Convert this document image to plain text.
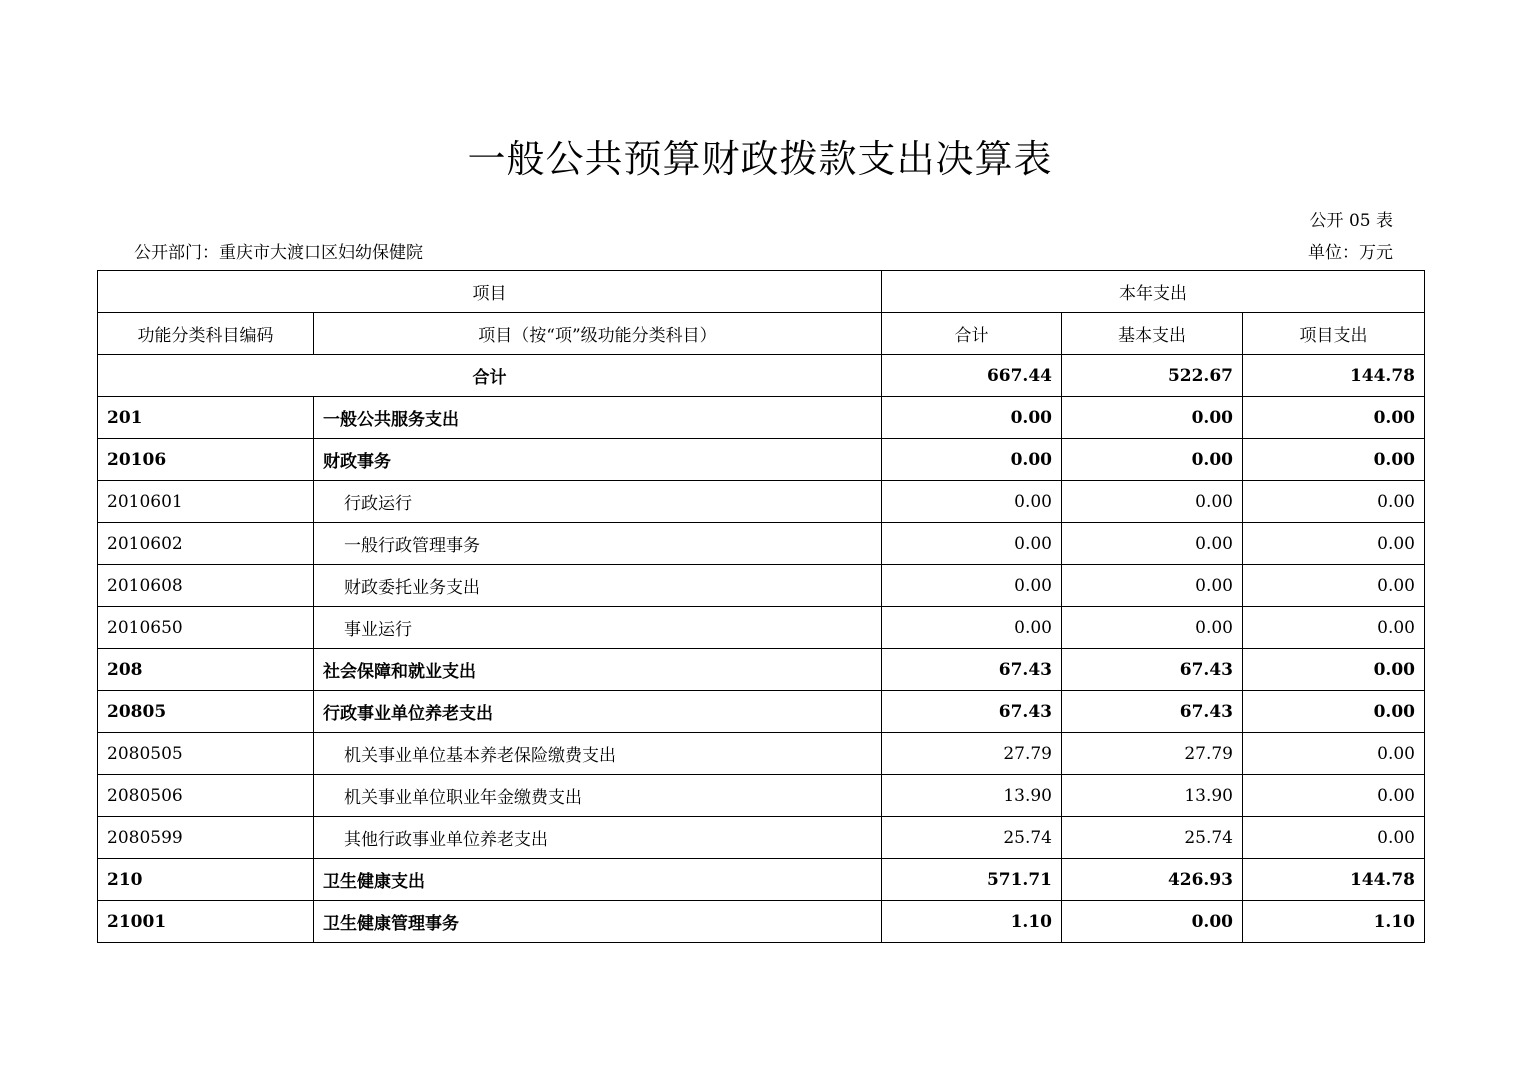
一般公共预算财政拨款支出决算表
公开 05 表
公开部门：重庆市大渡口区妇幼保健院	单位：万元
项目		本年支出		
功能分类科目编码	项目（按“项”级功能分类科目）	合计	基本支出	项目支出
合计		667.44	522.67	144.78
201	一般公共服务支出	0.00	0.00	0.00
20106	财政事务	0.00	0.00	0.00
2010601	行政运行	0.00	0.00	0.00
2010602	一般行政管理事务	0.00	0.00	0.00
2010608	财政委托业务支出	0.00	0.00	0.00
2010650	事业运行	0.00	0.00	0.00
208	社会保障和就业支出	67.43	67.43	0.00
20805	行政事业单位养老支出	67.43	67.43	0.00
2080505	机关事业单位基本养老保险缴费支出	27.79	27.79	0.00
2080506	机关事业单位职业年金缴费支出	13.90	13.90	0.00
2080599	其他行政事业单位养老支出	25.74	25.74	0.00
210	卫生健康支出	571.71	426.93	144.78
21001	卫生健康管理事务	1.10	0.00	1.10
